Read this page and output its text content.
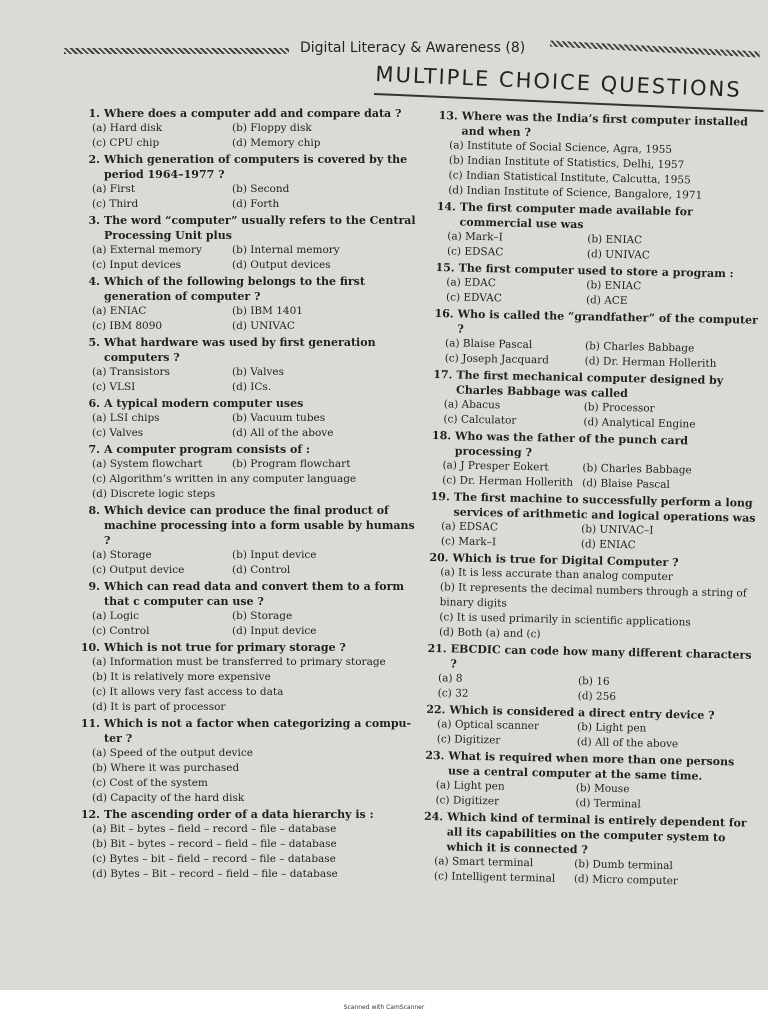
Digital Literacy & Awareness (8)
MULTIPLE CHOICE QUESTIONS
1. Where does a computer add and compare data ?
(a) Hard disk	(b) Floppy disk
(c) CPU chip	(d) Memory chip
2. Which generation of computers is covered by the period 1964–1977 ?
(a) First	(b) Second
(c) Third	(d) Forth
3. The word “computer” usually refers to the Central Processing Unit plus
(a) External memory	(b) Internal memory
(c) Input devices	(d) Output devices
4. Which of the following belongs to the first generation of computer ?
(a) ENIAC	(b) IBM 1401
(c) IBM 8090	(d) UNIVAC
5. What hardware was used by first generation computers ?
(a) Transistors	(b) Valves
(c) VLSI	(d) ICs.
6. A typical modern computer uses
(a) LSI chips	(b) Vacuum tubes
(c) Valves	(d) All of the above
7. A computer program consists of :
(a) System flowchart	(b) Program flowchart
(c) Algorithm’s written in any computer language
(d) Discrete logic steps
8. Which device can produce the final product of machine processing into a form usable by humans ?
(a) Storage	(b) Input device
(c) Output device	(d) Control
9. Which can read data and convert them to a form that c computer can use ?
(a) Logic	(b) Storage
(c) Control	(d) Input device
10. Which is not true for primary storage ?
(a) Information must be transferred to primary storage
(b) It is relatively more expensive
(c) It allows very fast access to data
(d) It is part of processor
11. Which is not a factor when categorizing a compu-ter ?
(a) Speed of the output device
(b) Where it was purchased
(c) Cost of the system
(d) Capacity of the hard disk
12. The ascending order of a data hierarchy is :
(a) Bit – bytes – field – record – file – database
(b) Bit – bytes – record – field – file – database
(c) Bytes – bit – field – record – file – database
(d) Bytes – Bit – record – field – file – database
13. Where was the India’s first computer installed and when ?
(a) Institute of Social Science, Agra, 1955
(b) Indian Institute of Statistics, Delhi, 1957
(c) Indian Statistical Institute, Calcutta, 1955
(d) Indian Institute of Science, Bangalore, 1971
14. The first computer made available for commercial use was
(a) Mark–I	(b) ENIAC
(c) EDSAC	(d) UNIVAC
15. The first computer used to store a program :
(a) EDAC	(b) ENIAC
(c) EDVAC	(d) ACE
16. Who is called the “grandfather” of the computer ?
(a) Blaise Pascal	(b) Charles Babbage
(c) Joseph Jacquard	(d) Dr. Herman Hollerith
17. The first mechanical computer designed by Charles Babbage was called
(a) Abacus	(b) Processor
(c) Calculator	(d) Analytical Engine
18. Who was the father of the punch card processing ?
(a) J Presper Eokert	(b) Charles Babbage
(c) Dr. Herman Hollerith (d) Blaise Pascal
19. The first machine to successfully perform a long services of arithmetic and logical operations was
(a) EDSAC	(b) UNIVAC–I
(c) Mark–I	(d) ENIAC
20. Which is true for Digital Computer ?
(a) It is less accurate than analog computer
(b) It represents the decimal numbers through a string of binary digits
(c) It is used primarily in scientific applications
(d) Both (a) and (c)
21. EBCDIC can code how many different characters ?
(a) 8	(b) 16
(c) 32	(d) 256
22. Which is considered a direct entry device ?
(a) Optical scanner	(b) Light pen
(c) Digitizer	(d) All of the above
23. What is required when more than one persons use a central computer at the same time.
(a) Light pen	(b) Mouse
(c) Digitizer	(d) Terminal
24. Which kind of terminal is entirely dependent for all its capabilities on the computer system to which it is connected ?
(a) Smart terminal	(b) Dumb terminal
(c) Intelligent terminal	(d) Micro computer
Scanned with CamScanner
